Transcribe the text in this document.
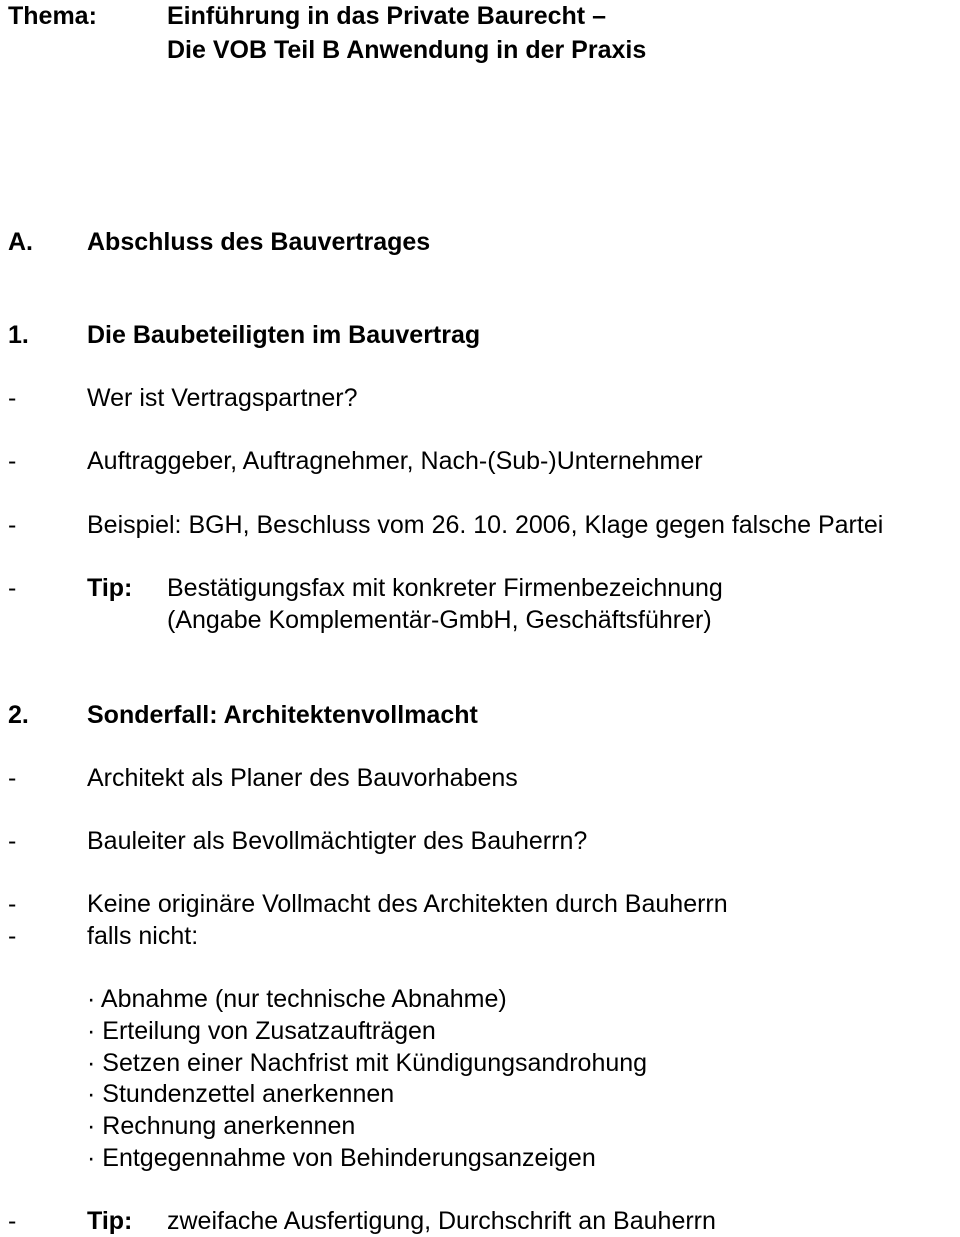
Thema:	Einführung in das Private Baurecht –
Die VOB Teil B Anwendung in der Praxis
A. Abschluss des Bauvertrages
1. Die Baubeteiligten im Bauvertrag
-	Wer ist Vertragspartner?
-	Auftraggeber, Auftragnehmer, Nach-(Sub-)Unternehmer
-	Beispiel: BGH, Beschluss vom 26. 10. 2006, Klage gegen falsche Partei
-	Tip: Bestätigungsfax mit konkreter Firmenbezeichnung
(Angabe Komplementär-GmbH, Geschäftsführer)
2. Sonderfall: Architektenvollmacht
-	Architekt als Planer des Bauvorhabens
-	Bauleiter als Bevollmächtigter des Bauherrn?
-	Keine originäre Vollmacht des Architekten durch Bauherrn
-	falls nicht:
· Abnahme (nur technische Abnahme)
· Erteilung von Zusatzaufträgen
· Setzen einer Nachfrist mit Kündigungsandrohung
· Stundenzettel anerkennen
· Rechnung anerkennen
· Entgegennahme von Behinderungsanzeigen
-	Tip: zweifache Ausfertigung, Durchschrift an Bauherrn
